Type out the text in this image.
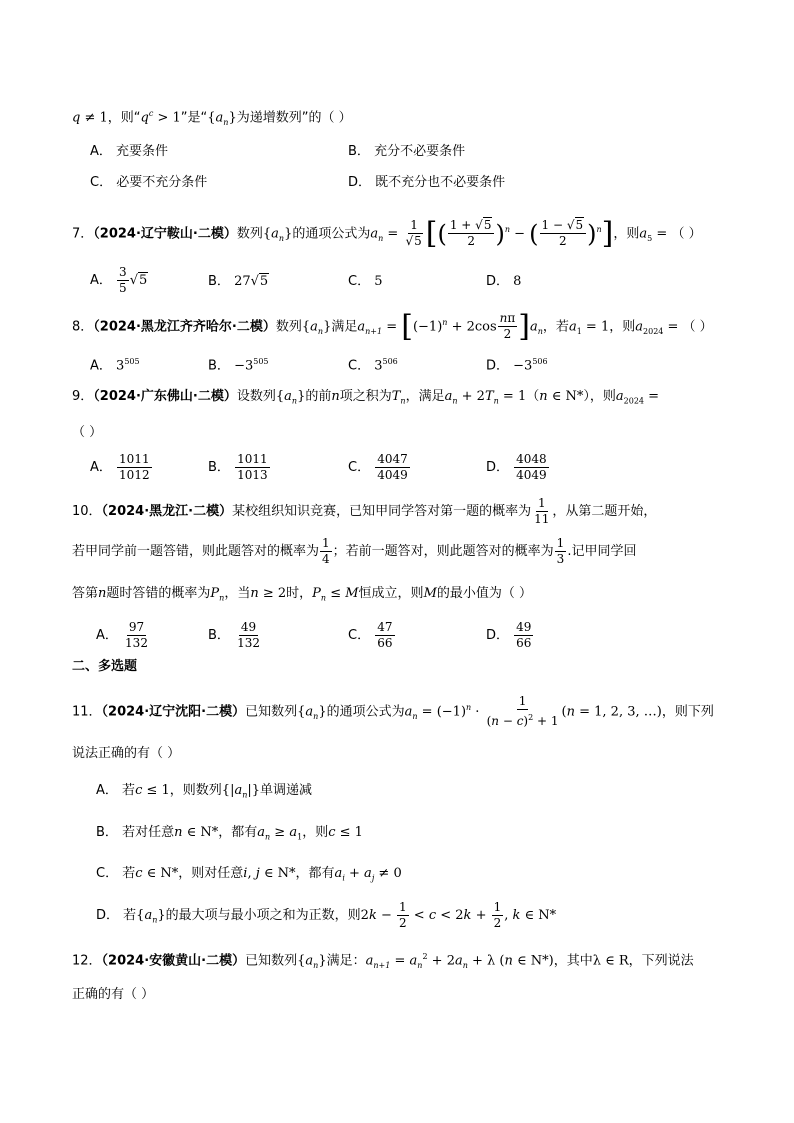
q ≠ 1，则“$q^c > 1$”是“$\{a_n\}$为递增数列”的（ ）
A． 充要条件	B． 充分不必要条件
C． 必要不充分条件	D． 既不充分也不必要条件
7．（2024·辽宁鞍山·二模）数列$\{a_n\}$的通项公式为$a_n = \frac{1}{√5}$ [( $\frac{1 + √5}{2} )^n$ − ( $\frac{1 - √5}{2} )^n$]，则$a_5$ = （ ）
A． $\frac{3}{5} √5$	B． 27√5	C． 5	D． 8
8．（2024·黑龙江齐齐哈尔·二模）数列$\{a_n\}$满足$a_{n+1} = [(-1)^n + 2\cos \frac{n\pi}{2} ]a_n$，若$a_1 = 1$，则$a_{2024}$ = （ ）
A． $3^{505}$	B． $-3^{505}$	C． $3^{506}$	D． $-3^{506}$
9．（2024·广东佛山·二模）设数列$\{a_n\}$的前n项之积为$T_n$，满足$a_n + 2T_n = 1(n$ ∈ N*），则$a_{2024}$ =
（ ）
A． $\frac{1011}{1012}$	B． $\frac{1011}{1013}$	C． $\frac{4047}{4049}$	D． $\frac{4048}{4049}$
10．（2024·黑龙江·二模）某校组织知识竞赛，已知甲同学答对第一题的概率为 $\frac{1}{11}$ ，从第二题开始，
若甲同学前一题答错，则此题答对的概率为 $\frac{1}{4}$ ；若前一题答对，则此题答对的概率为 $\frac{1}{3}$ .记甲同学回
答第n题时答错的概率为$P_n$，当n ≥ 2时，$P_n \le M$恒成立，则M的最小值为（ ）
A． $\frac{97}{132}$	B． $\frac{49}{132}$	C． $\frac{47}{66}$	D． $\frac{49}{66}$
二、多选题
11．（2024·辽宁沈阳·二模）已知数列$\{a_n\}$的通项公式为$a_n = (-1)^n \cdot \frac{1}{(n - c)^2 + 1} (n = 1$, 2, 3, …)，则下列
说法正确的有（ ）
A． 若c ≤ 1，则数列$\{|a_n|\}$单调递减
B． 若对任意n ∈ N*，都有$a_n \ge a_1$，则c ≤ 1
C． 若c ∈ N*，则对任意i, j ∈ N*，都有$a_i + a_j \ne 0$
D． 若$\{a_n\}$的最大项与最小项之和为正数，则$2k - \frac{1}{2} < c < 2k + \frac{1}{2}$ , k ∈ N*
12．（2024·安徽黄山·二模）已知数列$\{a_n\}$满足：$a_{n+1} = a_n^2 + 2a_n + \lambda$ (n ∈ N*)，其中λ ∈ R，下列说法
正确的有（ ）
